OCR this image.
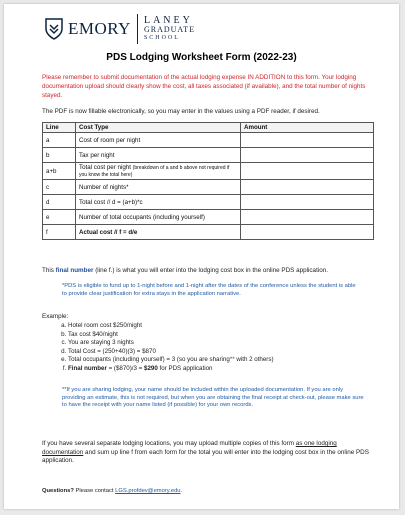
EMORY LANEY
GRADUATE
SCHOOL
PDS Lodging Worksheet Form (2022-23)
Please remember to submit documentation of the actual lodging expense IN ADDITION to this form. Your lodging documentation upload should clearly show the cost, all taxes associated (if available), and the total number of nights stayed.
The PDF is now fillable electronically, so you may enter in the values using a PDF reader, if desired.
Line	Cost Type	Amount
a	Cost of room per night	
b	Tax per night	
a+b	Total cost per night (breakdown of a and b above not required if you know the total here)	
c	Number of nights*	
d	Total cost // d = (a+b)*c	
e	Number of total occupants (including yourself)	
f	Actual cost // f = d/e	
This final number (line f.) is what you will enter into the lodging cost box in the online PDS application.
*PDS is eligible to fund up to 1-night before and 1-night after the dates of the conference unless the student is able to provide clear justification for extra stays in the application narrative.
Example:
a. Hotel room cost $250/night
b. Tax cost $40/night
c. You are staying 3 nights
d. Total Cost = (250+40)(3) = $870
e. Total occupants (including yourself) = 3 (so you are sharing** with 2 others)
f. Final number = ($870)/3 = $290 for PDS application
**If you are sharing lodging, your name should be included within the uploaded documentation. If you are only providing an estimate, this is not required, but when you are obtaining the final receipt at check-out, please make sure to have the receipt with your name listed (if possible) for your own records.
If you have several separate lodging locations, you may upload multiple copies of this form as one lodging documentation and sum up line f from each form for the total you will enter into the lodging cost box in the online PDS application.
Questions? Please contact LGS.profdev@emory.edu.
